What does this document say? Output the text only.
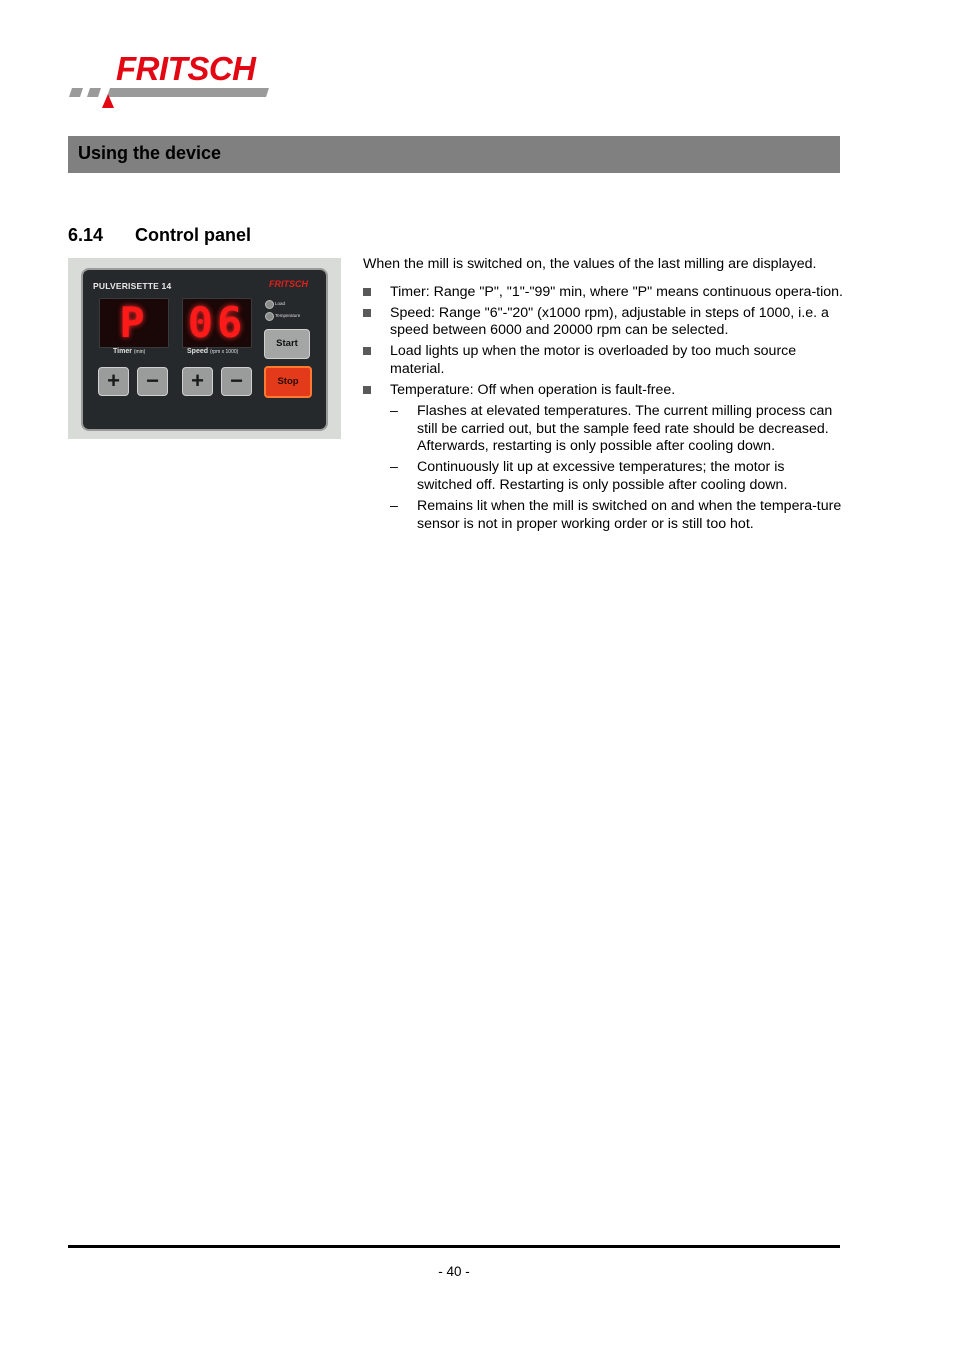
FRITSCH
Using the device
6.14 Control panel
PULVERISETTE 14	FRITSCH
P 06	Load
Temperature
Timer (min)	Speed (rpm x 1000)
+	−	+	−
Start
Stop

When the mill is switched on, the values of the last milling are displayed.

Timer: Range "P", "1"-"99" min, where "P" means continuous opera-tion.
Speed: Range "6"-"20" (x1000 rpm), adjustable in steps of 1000, i.e. a speed between 6000 and 20000 rpm can be selected.
Load lights up when the motor is overloaded by too much source material.
Temperature: Off when operation is fault-free.
– Flashes at elevated temperatures. The current milling process can still be carried out, but the sample feed rate should be decreased. Afterwards, restarting is only possible after cooling down.
– Continuously lit up at excessive temperatures; the motor is switched off. Restarting is only possible after cooling down.
– Remains lit when the mill is switched on and when the tempera-ture sensor is not in proper working order or is still too hot.
- 40 -
